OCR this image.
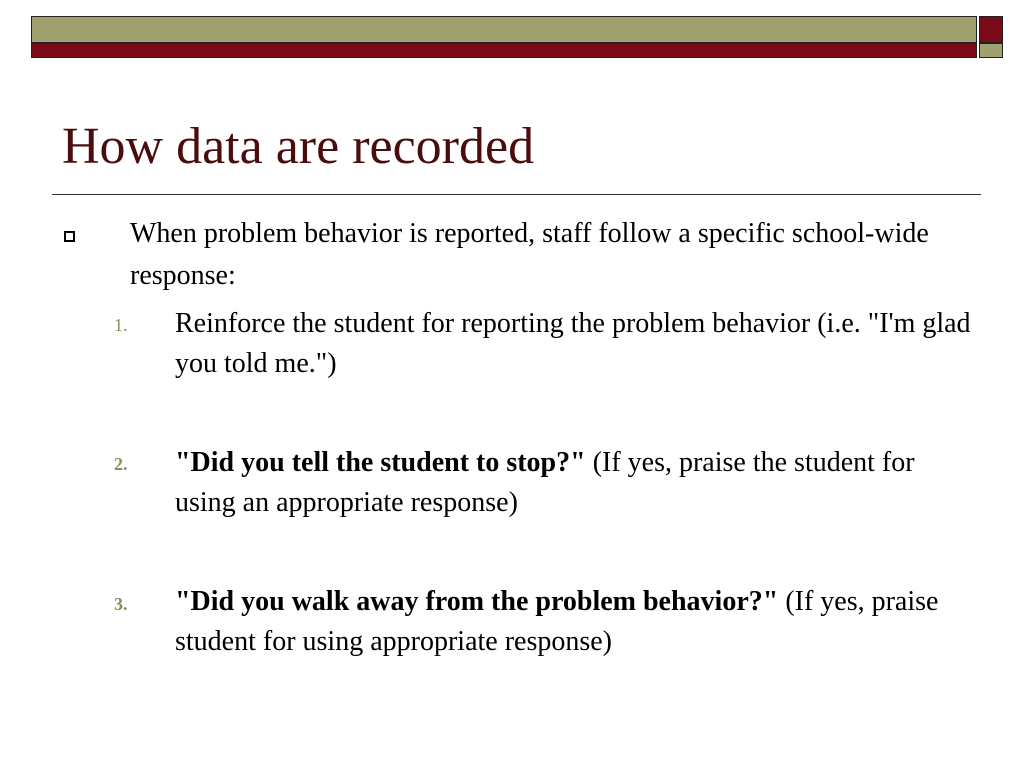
How data are recorded
When problem behavior is reported, staff follow a specific school-wide response:
1. Reinforce the student for reporting the problem behavior (i.e. "I'm glad you told me.")
2. "Did you tell the student to stop?" (If yes, praise the student for using an appropriate response)
3. "Did you walk away from the problem behavior?" (If yes, praise student for using appropriate response)
